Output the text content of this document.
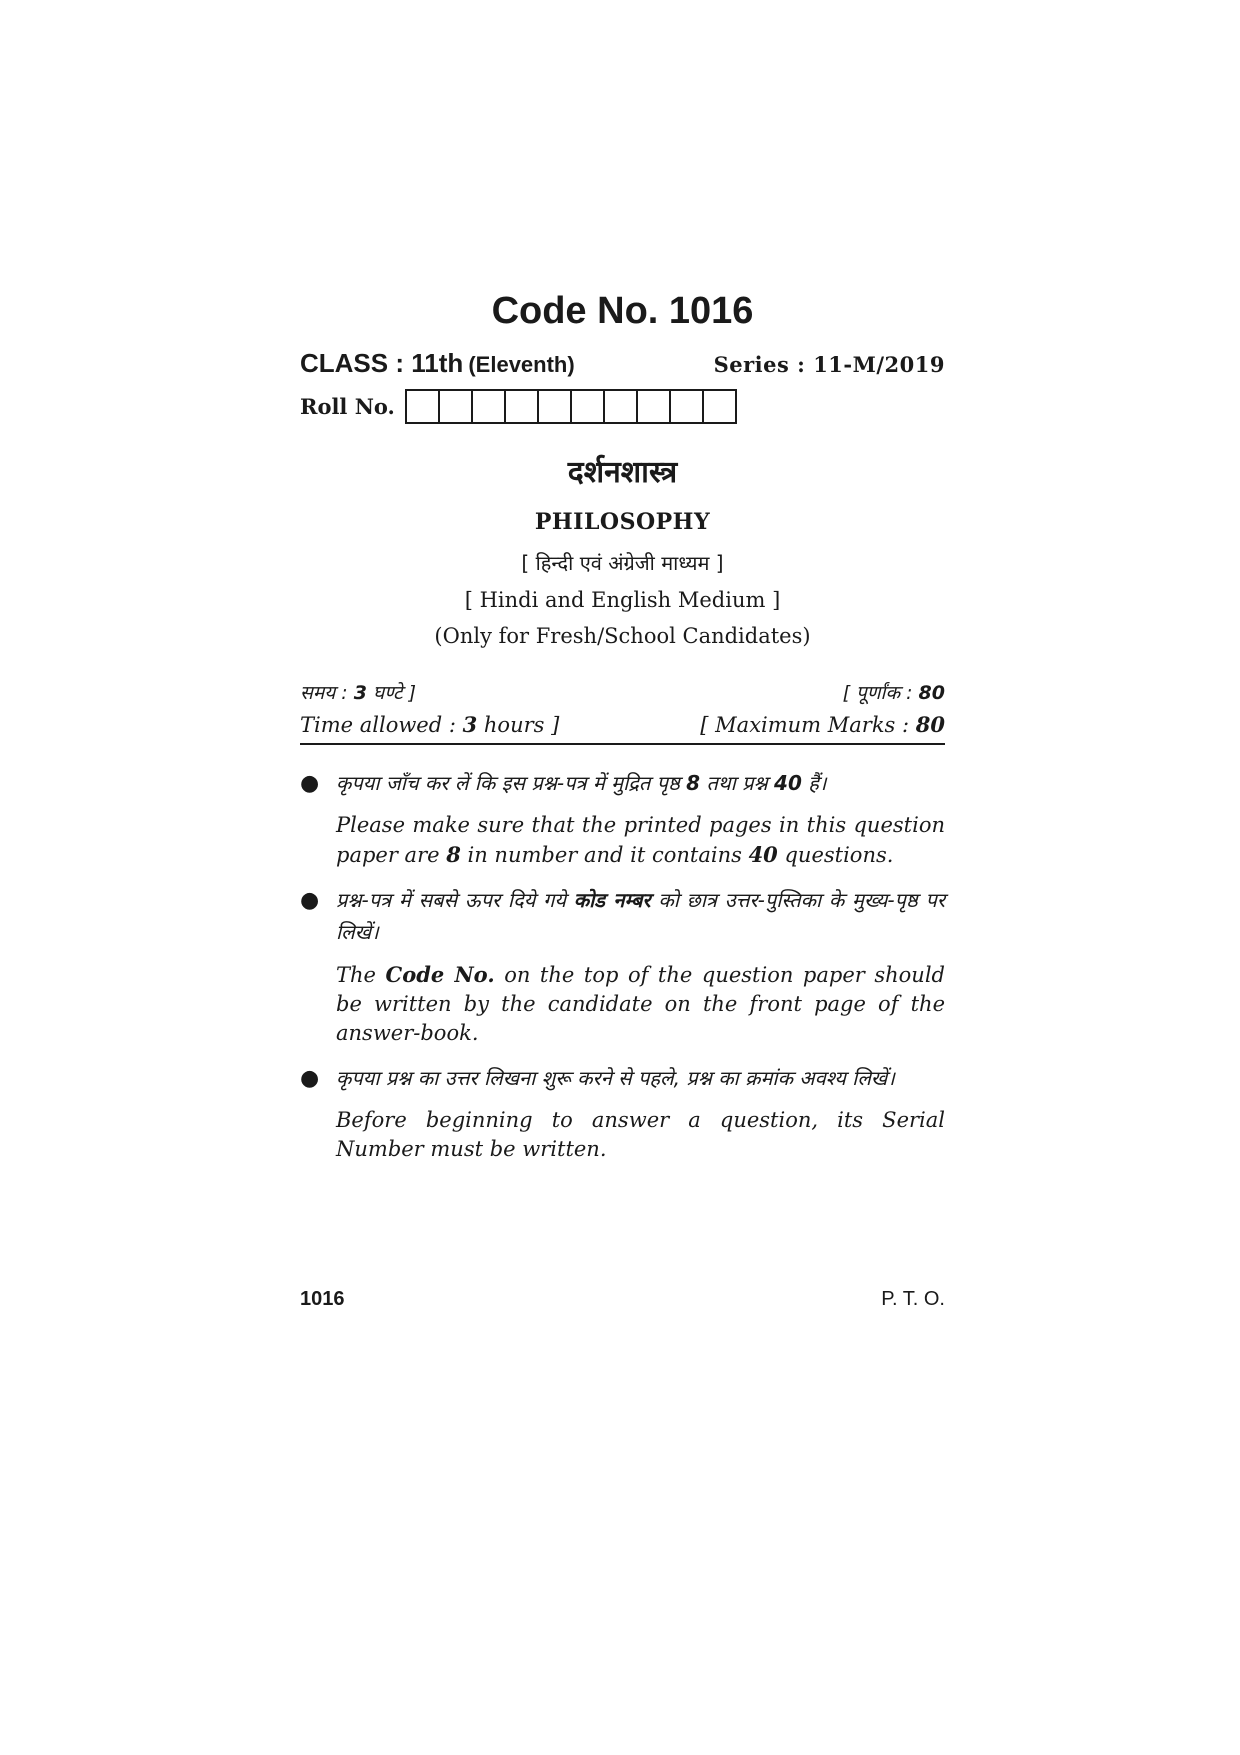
Code No. 1016
CLASS : 11th (Eleventh)	Series : 11-M/2019
Roll No.
दर्शनशास्त्र
PHILOSOPHY
[ हिन्दी एवं अंग्रेजी माध्यम ]
[ Hindi and English Medium ]
(Only for Fresh/School Candidates)
समय : 3 घण्टे ]	[ पूर्णांक : 80
Time allowed : 3 hours ]	[ Maximum Marks : 80
● कृपया जाँच कर लें कि इस प्रश्न-पत्र में मुद्रित पृष्ठ 8 तथा प्रश्न 40 हैं।
Please make sure that the printed pages in this question paper are 8 in number and it contains 40 questions.
● प्रश्न-पत्र में सबसे ऊपर दिये गये कोड नम्बर को छात्र उत्तर-पुस्तिका के मुख्य-पृष्ठ पर लिखें।
The Code No. on the top of the question paper should be written by the candidate on the front page of the answer-book.
● कृपया प्रश्न का उत्तर लिखना शुरू करने से पहले, प्रश्न का क्रमांक अवश्य लिखें।
Before beginning to answer a question, its Serial Number must be written.
1016	P. T. O.
